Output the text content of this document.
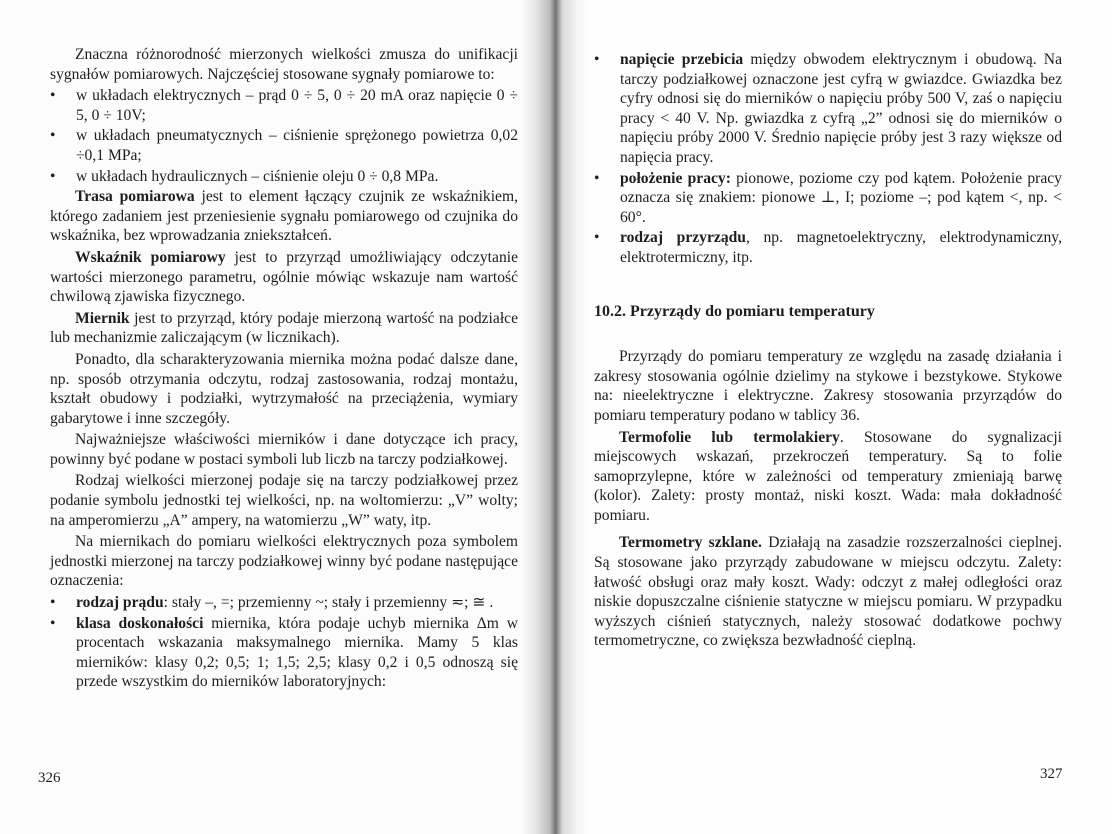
Znaczna różnorodność mierzonych wielkości zmusza do unifikacji sygnałów pomiarowych. Najczęściej stosowane sygnały pomiarowe to:

• w układach elektrycznych – prąd 0 ÷ 5, 0 ÷ 20 mA oraz napięcie 0 ÷ 5, 0 ÷ 10V;
• w układach pneumatycznych – ciśnienie sprężonego powietrza 0,02 ÷0,1 MPa;
• w układach hydraulicznych – ciśnienie oleju 0 ÷ 0,8 MPa.

Trasa pomiarowa jest to element łączący czujnik ze wskaźnikiem, którego zadaniem jest przeniesienie sygnału pomiarowego od czujnika do wskaźnika, bez wprowadzania zniekształceń.

Wskaźnik pomiarowy jest to przyrząd umożliwiający odczytanie wartości mierzonego parametru, ogólnie mówiąc wskazuje nam wartość chwilową zjawiska fizycznego.

Miernik jest to przyrząd, który podaje mierzoną wartość na podziałce lub mechanizmie zaliczającym (w licznikach).

Ponadto, dla scharakteryzowania miernika można podać dalsze dane, np. sposób otrzymania odczytu, rodzaj zastosowania, rodzaj montażu, kształt obudowy i podziałki, wytrzymałość na przeciążenia, wymiary gabarytowe i inne szczegóły.

Najważniejsze właściwości mierników i dane dotyczące ich pracy, powinny być podane w postaci symboli lub liczb na tarczy podziałkowej.

Rodzaj wielkości mierzonej podaje się na tarczy podziałkowej przez podanie symbolu jednostki tej wielkości, np. na woltomierzu: „V” wolty; na amperomierzu „A” ampery, na watomierzu „W” waty, itp.

Na miernikach do pomiaru wielkości elektrycznych poza symbolem jednostki mierzonej na tarczy podziałkowej winny być podane następujące oznaczenia:

• rodzaj prądu: stały –, =; przemienny ~; stały i przemienny ≂; ≅ .
• klasa doskonałości miernika, która podaje uchyb miernika Δm w procentach wskazania maksymalnego miernika. Mamy 5 klas mierników: klasy 0,2; 0,5; 1; 1,5; 2,5; klasy 0,2 i 0,5 odnoszą się przede wszystkim do mierników laboratoryjnych:
326
• napięcie przebicia między obwodem elektrycznym i obudową. Na tarczy podziałkowej oznaczone jest cyfrą w gwiazdce. Gwiazdka bez cyfry odnosi się do mierników o napięciu próby 500 V, zaś o napięciu pracy < 40 V. Np. gwiazdka z cyfrą „2” odnosi się do mierników o napięciu próby 2000 V. Średnio napięcie próby jest 3 razy większe od napięcia pracy.
• położenie pracy: pionowe, poziome czy pod kątem. Położenie pracy oznacza się znakiem: pionowe ⊥, I; poziome –; pod kątem <, np. < 60°.
• rodzaj przyrządu, np. magnetoelektryczny, elektrodynamiczny, elektrotermiczny, itp.
10.2. Przyrządy do pomiaru temperatury

Przyrządy do pomiaru temperatury ze względu na zasadę działania i zakresy stosowania ogólnie dzielimy na stykowe i bezstykowe. Stykowe na: nieelektryczne i elektryczne. Zakresy stosowania przyrządów do pomiaru temperatury podano w tablicy 36.

Termofolie lub termolakiery. Stosowane do sygnalizacji miejscowych wskazań, przekroczeń temperatury. Są to folie samoprzylepne, które w zależności od temperatury zmieniają barwę (kolor). Zalety: prosty montaż, niski koszt. Wada: mała dokładność pomiaru.

Termometry szklane. Działają na zasadzie rozszerzalności cieplnej. Są stosowane jako przyrządy zabudowane w miejscu odczytu. Zalety: łatwość obsługi oraz mały koszt. Wady: odczyt z małej odległości oraz niskie dopuszczalne ciśnienie statyczne w miejscu pomiaru. W przypadku wyższych ciśnień statycznych, należy stosować dodatkowe pochwy termometryczne, co zwiększa bezwładność cieplną.

327
